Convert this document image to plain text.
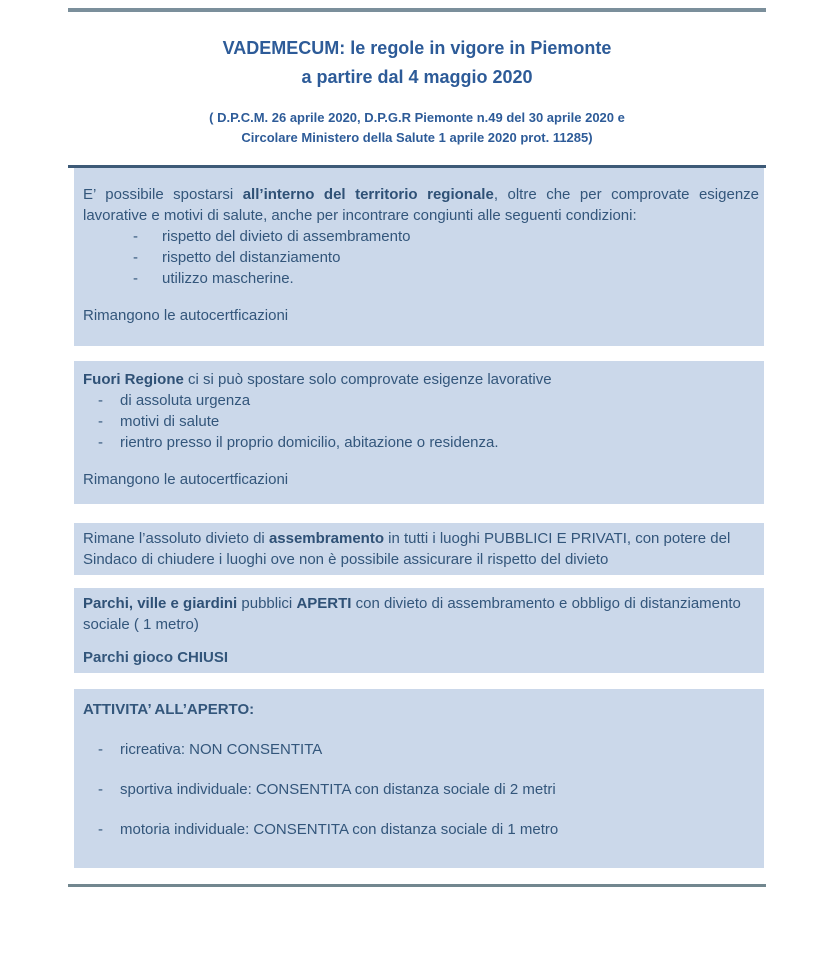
VADEMECUM: le regole in vigore in Piemonte
a partire dal 4 maggio 2020
( D.P.C.M. 26 aprile 2020, D.P.G.R Piemonte n.49 del 30 aprile 2020 e
Circolare Ministero della Salute 1 aprile 2020 prot. 11285)
E’ possibile spostarsi all’interno del territorio regionale, oltre che per comprovate esigenze lavorative e motivi di salute, anche per incontrare congiunti alle seguenti condizioni:
-	rispetto del divieto di assembramento
-	rispetto del distanziamento
-	utilizzo mascherine.
Rimangono le autocertficazioni
Fuori Regione ci si può spostare solo comprovate esigenze lavorative
-	di assoluta urgenza
-	motivi di salute
-	rientro presso il proprio domicilio, abitazione o residenza.
Rimangono le autocertficazioni
Rimane l’assoluto divieto di assembramento in tutti i luoghi PUBBLICI E PRIVATI, con potere del Sindaco di chiudere i luoghi ove non è possibile assicurare il rispetto del divieto
Parchi, ville e giardini pubblici APERTI con divieto di assembramento e obbligo di distanziamento sociale ( 1 metro)
Parchi gioco CHIUSI
ATTIVITA’ ALL’APERTO:
-	ricreativa: NON CONSENTITA
-	sportiva individuale: CONSENTITA con distanza sociale di 2 metri
-	motoria individuale: CONSENTITA con distanza sociale di 1 metro
